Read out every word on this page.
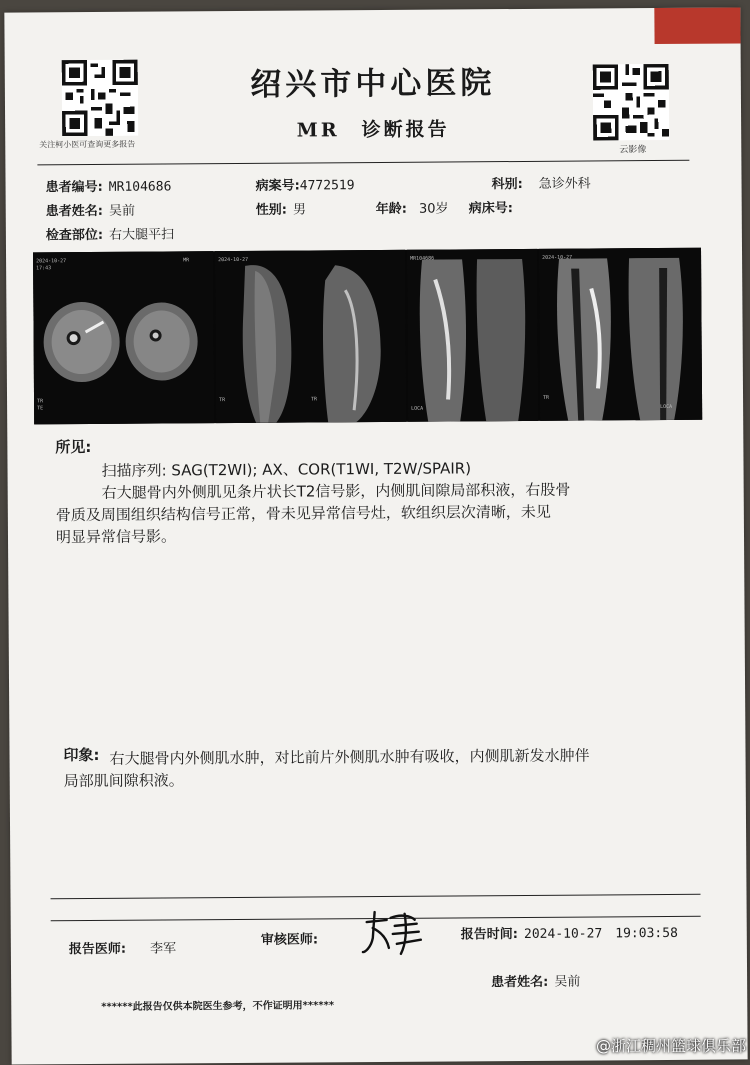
关注柯小医可查询更多报告
绍兴市中心医院
MR　诊断报告
云影像
患者编号: MR104686	病案号:4772519	科别: 急诊外科
患者姓名: 吴前	性别: 男	年龄: 30岁 病床号:
检查部位: 右大腿平扫
2024-10-27
17:43
TR
TE
MR	2024-10-27
TR	TR
MR104686
LOCA
2024-10-27
TR
LOCA
所见:
扫描序列: SAG(T2WI); AX、COR(T1WI, T2W/SPAIR)
右大腿骨内外侧肌见条片状长T2信号影，内侧肌间隙局部积液，右股骨
骨质及周围组织结构信号正常，骨未见异常信号灶，软组织层次清晰，未见
明显异常信号影。
印象: 右大腿骨内外侧肌水肿，对比前片外侧肌水肿有吸收，内侧肌新发水肿伴
局部肌间隙积液。
报告医师: 李军
审核医师:	报告时间: 2024-10-27　19:03:58
患者姓名: 吴前
******此报告仅供本院医生参考，不作证明用******
@浙江稠州篮球俱乐部
